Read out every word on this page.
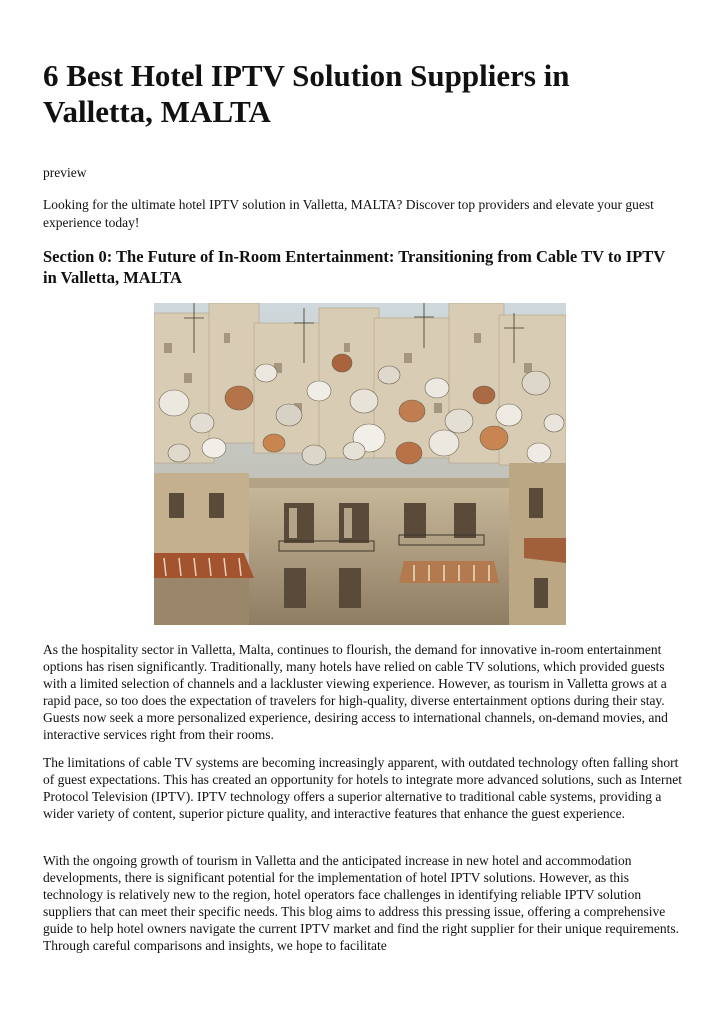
6 Best Hotel IPTV Solution Suppliers in Valletta, MALTA
preview
Looking for the ultimate hotel IPTV solution in Valletta, MALTA? Discover top providers and elevate your guest experience today!
Section 0: The Future of In-Room Entertainment: Transitioning from Cable TV to IPTV in Valletta, MALTA

As the hospitality sector in Valletta, Malta, continues to flourish, the demand for innovative in-room entertainment options has risen significantly. Traditionally, many hotels have relied on cable TV solutions, which provided guests with a limited selection of channels and a lackluster viewing experience. However, as tourism in Valletta grows at a rapid pace, so too does the expectation of travelers for high-quality, diverse entertainment options during their stay. Guests now seek a more personalized experience, desiring access to international channels, on-demand movies, and interactive services right from their rooms.

The limitations of cable TV systems are becoming increasingly apparent, with outdated technology often falling short of guest expectations. This has created an opportunity for hotels to integrate more advanced solutions, such as Internet Protocol Television (IPTV). IPTV technology offers a superior alternative to traditional cable systems, providing a wider variety of content, superior picture quality, and interactive features that enhance the guest experience.

With the ongoing growth of tourism in Valletta and the anticipated increase in new hotel and accommodation developments, there is significant potential for the implementation of hotel IPTV solutions. However, as this technology is relatively new to the region, hotel operators face challenges in identifying reliable IPTV solution suppliers that can meet their specific needs. This blog aims to address this pressing issue, offering a comprehensive guide to help hotel owners navigate the current IPTV market and find the right supplier for their unique requirements. Through careful comparisons and insights, we hope to facilitate
